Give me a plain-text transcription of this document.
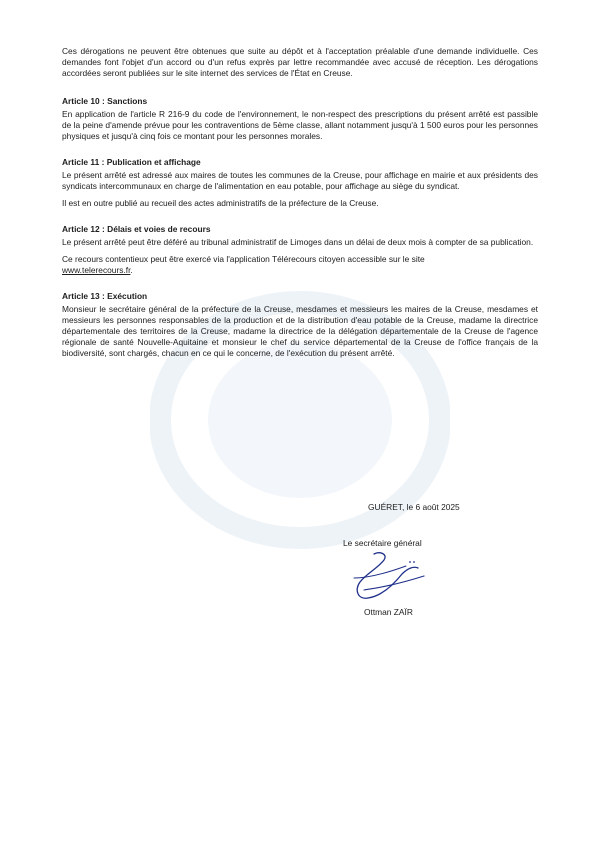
Ces dérogations ne peuvent être obtenues que suite au dépôt et à l'acceptation préalable d'une demande individuelle. Ces demandes font l'objet d'un accord ou d'un refus exprès par lettre recommandée avec accusé de réception. Les dérogations accordées seront publiées sur le site internet des services de l'État en Creuse.

Article 10 : Sanctions

En application de l'article R 216-9 du code de l'environnement, le non-respect des prescriptions du présent arrêté est passible de la peine d'amende prévue pour les contraventions de 5ème classe, allant notamment jusqu'à 1 500 euros pour les personnes physiques et jusqu'à cinq fois ce montant pour les personnes morales.

Article 11 : Publication et affichage

Le présent arrêté est adressé aux maires de toutes les communes de la Creuse, pour affichage en mairie et aux présidents des syndicats intercommunaux en charge de l'alimentation en eau potable, pour affichage au siège du syndicat.

Il est en outre publié au recueil des actes administratifs de la préfecture de la Creuse.

Article 12 : Délais et voies de recours

Le présent arrêté peut être déféré au tribunal administratif de Limoges dans un délai de deux mois à compter de sa publication.

Ce recours contentieux peut être exercé via l'application Télérecours citoyen accessible sur le site
www.telerecours.fr.

Article 13 : Exécution

Monsieur le secrétaire général de la préfecture de la Creuse, mesdames et messieurs les maires de la Creuse, mesdames et messieurs les personnes responsables de la production et de la distribution d'eau potable de la Creuse, madame la directrice départementale des territoires de la Creuse, madame la directrice de la délégation départementale de la Creuse de l'agence régionale de santé Nouvelle-Aquitaine et monsieur le chef du service départemental de la Creuse de l'office français de la biodiversité, sont chargés, chacun en ce qui le concerne, de l'exécution du présent arrêté.

GUÉRET, le 6 août 2025
Le secrétaire général
Ottman ZAÏR
